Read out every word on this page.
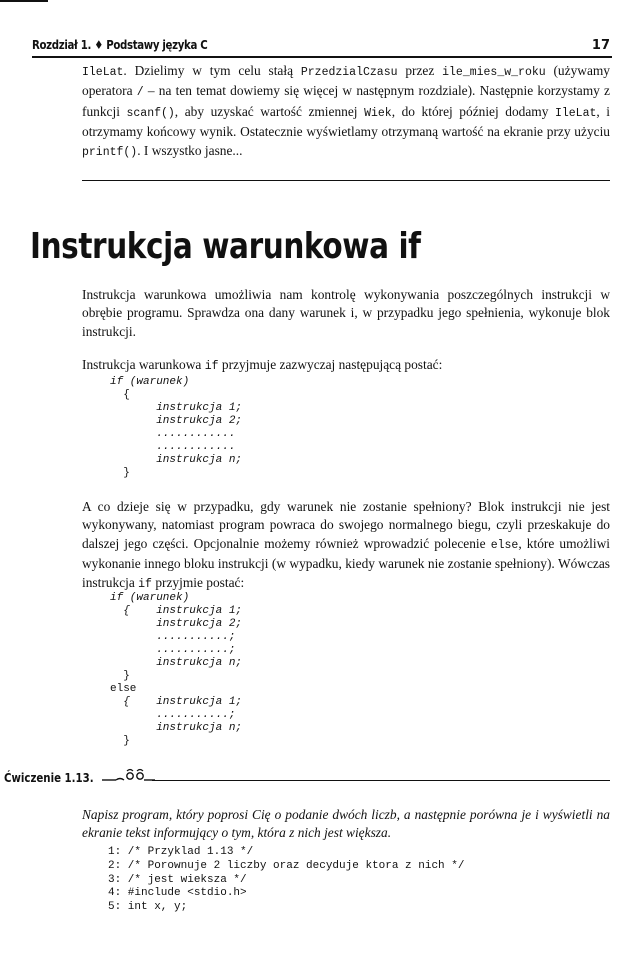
Rozdział 1. ♦ Podstawy języka C	17
IleLat. Dzielimy w tym celu stałą PrzedzialCzasu przez ile_mies_w_roku (używamy operatora / – na ten temat dowiemy się więcej w następnym rozdziale). Następnie korzystamy z funkcji scanf(), aby uzyskać wartość zmiennej Wiek, do której później dodamy IleLat, i otrzymamy końcowy wynik. Ostatecznie wyświetlamy otrzymaną wartość na ekranie przy użyciu printf(). I wszystko jasne...
Instrukcja warunkowa if
Instrukcja warunkowa umożliwia nam kontrolę wykonywania poszczególnych instrukcji w obrębie programu. Sprawdza ona dany warunek i, w przypadku jego spełnienia, wykonuje blok instrukcji.
Instrukcja warunkowa if przyjmuje zazwyczaj następującą postać:
if (warunek)
{
instrukcja 1;
instrukcja 2;
............
............
instrukcja n;
}
A co dzieje się w przypadku, gdy warunek nie zostanie spełniony? Blok instrukcji nie jest wykonywany, natomiast program powraca do swojego normalnego biegu, czyli przeskakuje do dalszej jego części. Opcjonalnie możemy również wprowadzić polecenie else, które umożliwi wykonanie innego bloku instrukcji (w wypadku, kiedy warunek nie zostanie spełniony). Wówczas instrukcja if przyjmie postać:
if (warunek)
{    instrukcja 1;
instrukcja 2;
...........;
...........;
instrukcja n;
}
else
{    instrukcja 1;
...........;
instrukcja n;
}
Ćwiczenie 1.13.
Napisz program, który poprosi Cię o podanie dwóch liczb, a następnie porówna je i wyświetli na ekranie tekst informujący o tym, która z nich jest większa.
1: /* Przyklad 1.13 */
2: /* Porownuje 2 liczby oraz decyduje ktora z nich */
3: /* jest wieksza */
4: #include <stdio.h>
5: int x, y;
